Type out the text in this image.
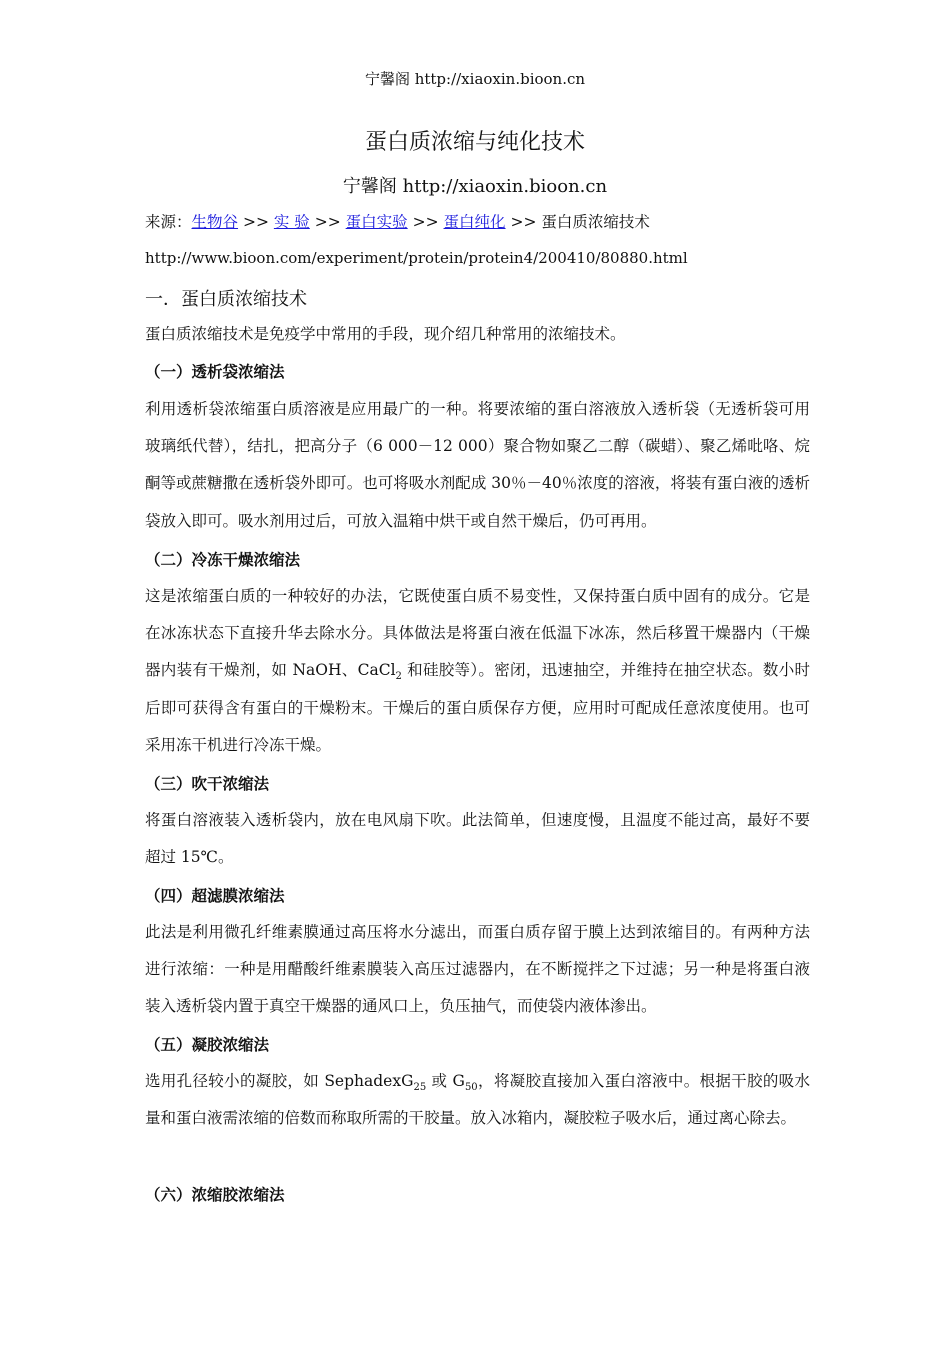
宁馨阁 http://xiaoxin.bioon.cn
蛋白质浓缩与纯化技术
宁馨阁 http://xiaoxin.bioon.cn
来源：生物谷 >> 实 验 >> 蛋白实验 >> 蛋白纯化 >> 蛋白质浓缩技术
http://www.bioon.com/experiment/protein/protein4/200410/80880.html
一．蛋白质浓缩技术
蛋白质浓缩技术是免疫学中常用的手段，现介绍几种常用的浓缩技术。
（一）透析袋浓缩法
利用透析袋浓缩蛋白质溶液是应用最广的一种。将要浓缩的蛋白溶液放入透析袋（无透析袋可用玻璃纸代替），结扎，把高分子（6 000－12 000）聚合物如聚乙二醇（碳蜡）、聚乙烯吡咯、烷酮等或蔗糖撒在透析袋外即可。也可将吸水剂配成 30％－40％浓度的溶液，将装有蛋白液的透析袋放入即可。吸水剂用过后，可放入温箱中烘干或自然干燥后，仍可再用。
（二）冷冻干燥浓缩法
这是浓缩蛋白质的一种较好的办法，它既使蛋白质不易变性，又保持蛋白质中固有的成分。它是在冰冻状态下直接升华去除水分。具体做法是将蛋白液在低温下冰冻，然后移置干燥器内（干燥器内装有干燥剂，如 NaOH、CaCl$_2$ 和硅胶等）。密闭，迅速抽空，并维持在抽空状态。数小时后即可获得含有蛋白的干燥粉末。干燥后的蛋白质保存方便，应用时可配成任意浓度使用。也可采用冻干机进行冷冻干燥。
（三）吹干浓缩法
将蛋白溶液装入透析袋内，放在电风扇下吹。此法简单，但速度慢，且温度不能过高，最好不要超过 15℃。
（四）超滤膜浓缩法
此法是利用微孔纤维素膜通过高压将水分滤出，而蛋白质存留于膜上达到浓缩目的。有两种方法进行浓缩：一种是用醋酸纤维素膜装入高压过滤器内，在不断搅拌之下过滤；另一种是将蛋白液装入透析袋内置于真空干燥器的通风口上，负压抽气，而使袋内液体渗出。
（五）凝胶浓缩法
选用孔径较小的凝胶，如 SephadexG$_{25}$ 或 $G_{50}$，将凝胶直接加入蛋白溶液中。根据干胶的吸水量和蛋白液需浓缩的倍数而称取所需的干胶量。放入冰箱内，凝胶粒子吸水后，通过离心除去。
（六）浓缩胶浓缩法
